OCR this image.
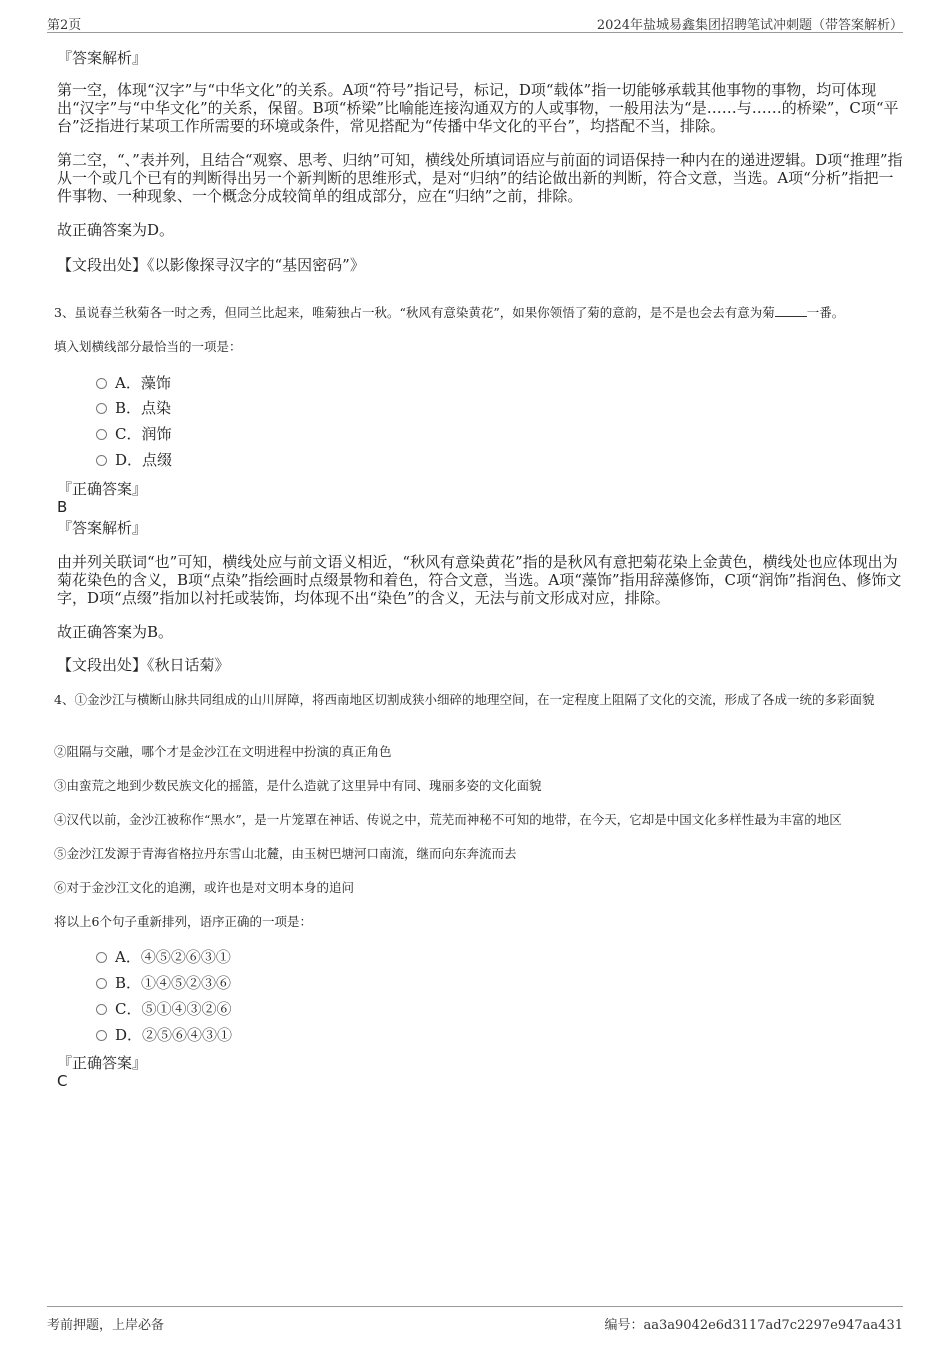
第2页	2024年盐城易鑫集团招聘笔试冲刺题（带答案解析）
『答案解析』
第一空，体现“汉字”与“中华文化”的关系。A项“符号”指记号，标记，D项“载体”指一切能够承载其他事物的事物，均可体现出“汉字”与“中华文化”的关系，保留。B项“桥梁”比喻能连接沟通双方的人或事物，一般用法为“是……与……的桥梁”，C项“平台”泛指进行某项工作所需要的环境或条件，常见搭配为“传播中华文化的平台”，均搭配不当，排除。
第二空，“、”表并列，且结合“观察、思考、归纳”可知，横线处所填词语应与前面的词语保持一种内在的递进逻辑。D项“推理”指从一个或几个已有的判断得出另一个新判断的思维形式，是对“归纳”的结论做出新的判断，符合文意，当选。A项“分析”指把一件事物、一种现象、一个概念分成较简单的组成部分，应在“归纳”之前，排除。
故正确答案为D。
【文段出处】《以影像探寻汉字的“基因密码”》
3、虽说春兰秋菊各一时之秀，但同兰比起来，唯菊独占一秋。“秋风有意染黄花”，如果你领悟了菊的意韵，是不是也会去有意为菊	一番。
填入划横线部分最恰当的一项是：
A．藻饰
B．点染
C．润饰
D．点缀
『正确答案』
B
『答案解析』
由并列关联词“也”可知，横线处应与前文语义相近，“秋风有意染黄花”指的是秋风有意把菊花染上金黄色，横线处也应体现出为菊花染色的含义，B项“点染”指绘画时点缀景物和着色，符合文意，当选。A项“藻饰”指用辞藻修饰，C项“润饰”指润色、修饰文字，D项“点缀”指加以衬托或装饰，均体现不出“染色”的含义，无法与前文形成对应，排除。
故正确答案为B。
【文段出处】《秋日话菊》
4、①金沙江与横断山脉共同组成的山川屏障，将西南地区切割成狭小细碎的地理空间，在一定程度上阻隔了文化的交流，形成了各成一统的多彩面貌
②阻隔与交融，哪个才是金沙江在文明进程中扮演的真正角色
③由蛮荒之地到少数民族文化的摇篮，是什么造就了这里异中有同、瑰丽多姿的文化面貌
④汉代以前，金沙江被称作“黑水”，是一片笼罩在神话、传说之中，荒芜而神秘不可知的地带，在今天，它却是中国文化多样性最为丰富的地区
⑤金沙江发源于青海省格拉丹东雪山北麓，由玉树巴塘河口南流，继而向东奔流而去
⑥对于金沙江文化的追溯，或许也是对文明本身的追问
将以上6个句子重新排列，语序正确的一项是：
A．④⑤②⑥③①
B．①④⑤②③⑥
C．⑤①④③②⑥
D．②⑤⑥④③①
『正确答案』
C
考前押题，上岸必备	编号：aa3a9042e6d3117ad7c2297e947aa431
